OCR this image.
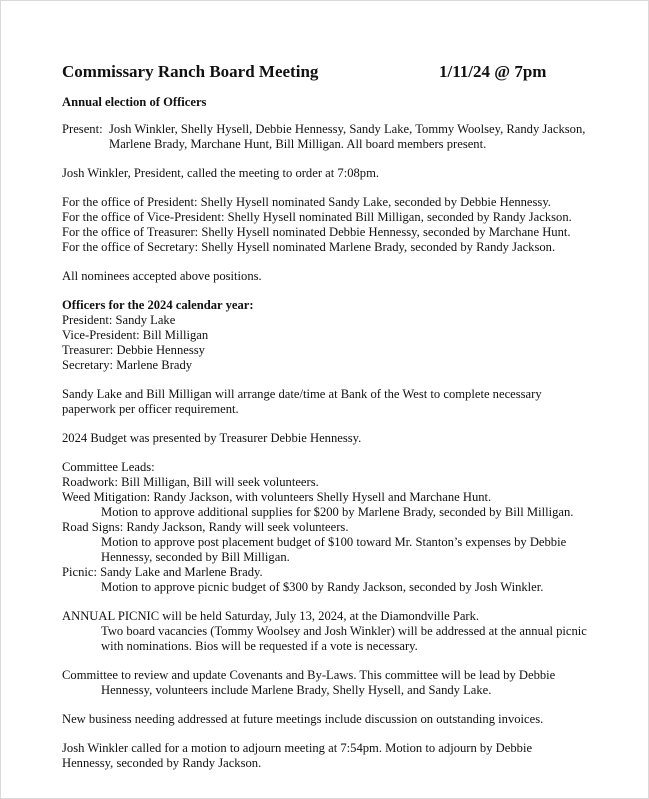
Commissary Ranch Board Meeting	1/11/24 @ 7pm
Annual election of Officers
Present: Josh Winkler, Shelly Hysell, Debbie Hennessy, Sandy Lake, Tommy Woolsey, Randy Jackson,
Marlene Brady, Marchane Hunt, Bill Milligan. All board members present.
Josh Winkler, President, called the meeting to order at 7:08pm.
For the office of President: Shelly Hysell nominated Sandy Lake, seconded by Debbie Hennessy.
For the office of Vice-President: Shelly Hysell nominated Bill Milligan, seconded by Randy Jackson.
For the office of Treasurer: Shelly Hysell nominated Debbie Hennessy, seconded by Marchane Hunt.
For the office of Secretary: Shelly Hysell nominated Marlene Brady, seconded by Randy Jackson.
All nominees accepted above positions.
Officers for the 2024 calendar year:
President: Sandy Lake
Vice-President: Bill Milligan
Treasurer: Debbie Hennessy
Secretary: Marlene Brady
Sandy Lake and Bill Milligan will arrange date/time at Bank of the West to complete necessary
paperwork per officer requirement.
2024 Budget was presented by Treasurer Debbie Hennessy.
Committee Leads:
Roadwork: Bill Milligan, Bill will seek volunteers.
Weed Mitigation: Randy Jackson, with volunteers Shelly Hysell and Marchane Hunt.
Motion to approve additional supplies for $200 by Marlene Brady, seconded by Bill Milligan.
Road Signs: Randy Jackson, Randy will seek volunteers.
Motion to approve post placement budget of $100 toward Mr. Stanton’s expenses by Debbie
Hennessy, seconded by Bill Milligan.
Picnic: Sandy Lake and Marlene Brady.
Motion to approve picnic budget of $300 by Randy Jackson, seconded by Josh Winkler.
ANNUAL PICNIC will be held Saturday, July 13, 2024, at the Diamondville Park.
Two board vacancies (Tommy Woolsey and Josh Winkler) will be addressed at the annual picnic
with nominations. Bios will be requested if a vote is necessary.
Committee to review and update Covenants and By-Laws. This committee will be lead by Debbie
Hennessy, volunteers include Marlene Brady, Shelly Hysell, and Sandy Lake.
New business needing addressed at future meetings include discussion on outstanding invoices.
Josh Winkler called for a motion to adjourn meeting at 7:54pm. Motion to adjourn by Debbie
Hennessy, seconded by Randy Jackson.
